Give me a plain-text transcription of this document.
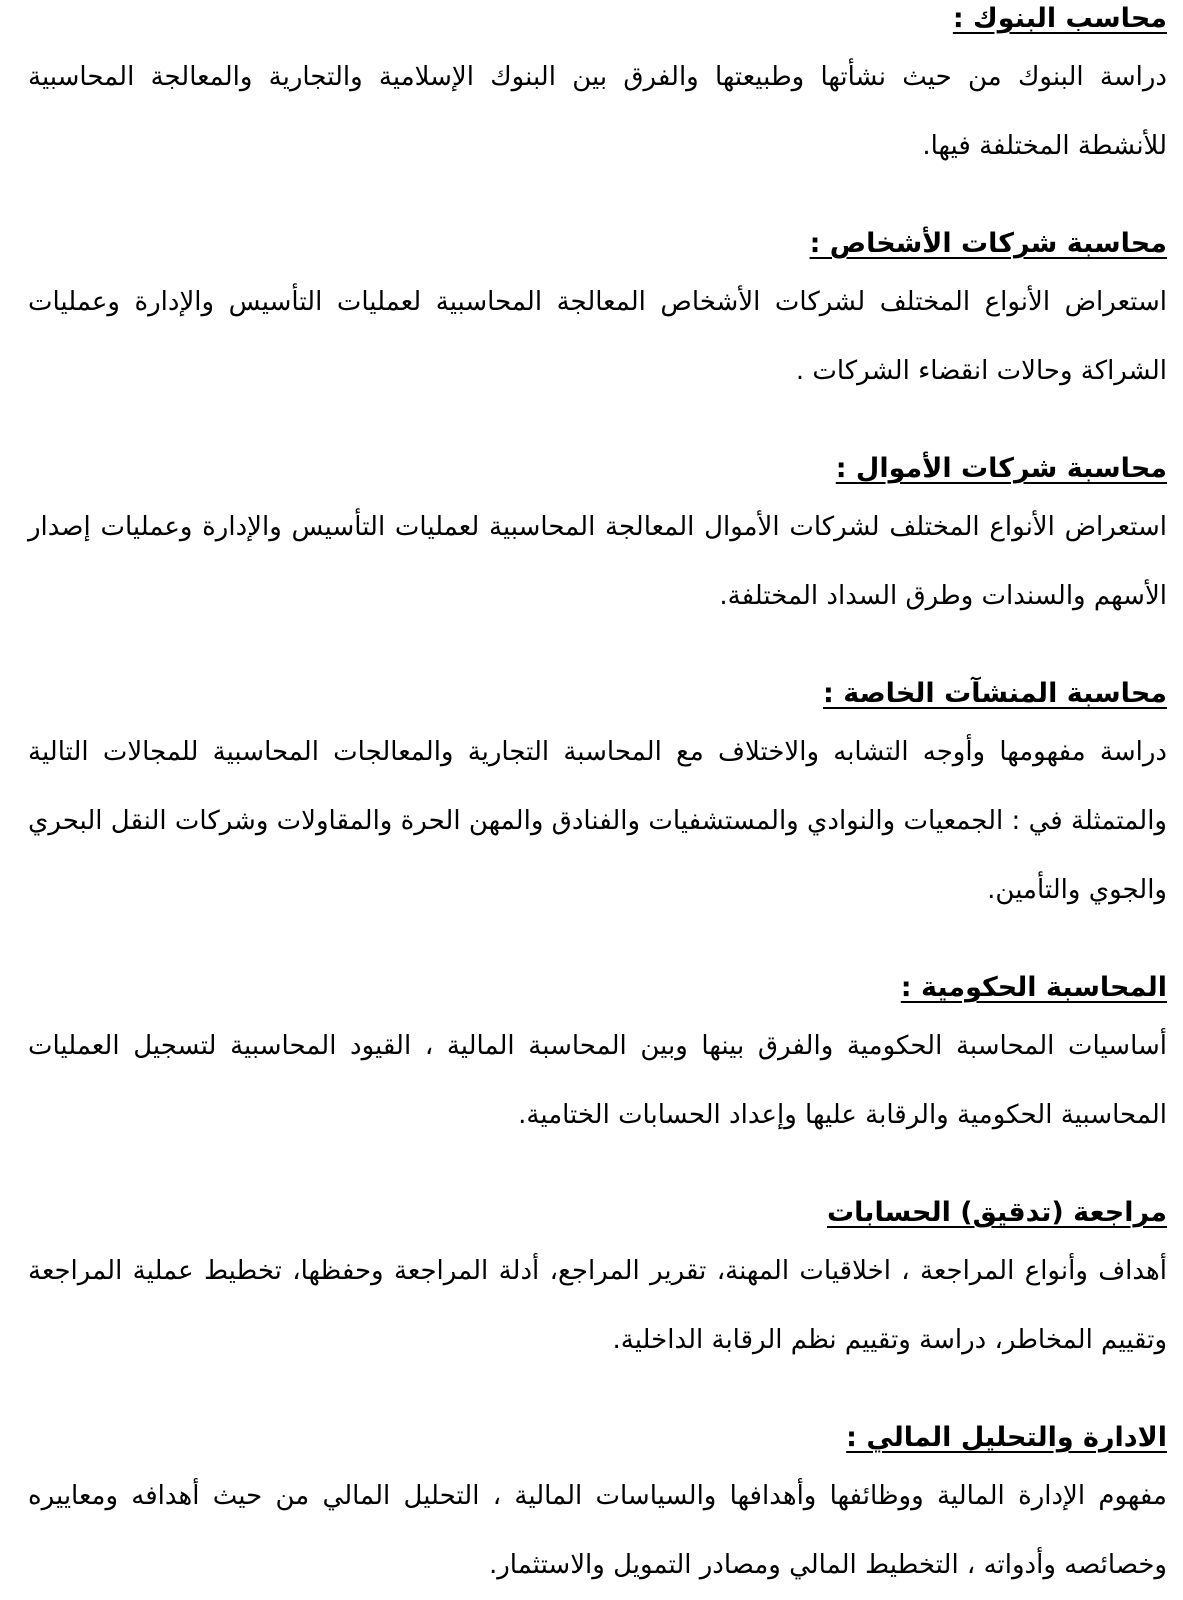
محاسب البنوك :
دراسة البنوك من حيث نشأتها وطبيعتها والفرق بين البنوك الإسلامية والتجارية والمعالجة المحاسبية للأنشطة المختلفة فيها.
محاسبة شركات الأشخاص :
استعراض الأنواع المختلف لشركات الأشخاص المعالجة المحاسبية لعمليات التأسيس والإدارة وعمليات الشراكة وحالات انقضاء الشركات .
محاسبة شركات الأموال :
استعراض الأنواع المختلف لشركات الأموال المعالجة المحاسبية لعمليات التأسيس والإدارة وعمليات إصدار الأسهم والسندات وطرق السداد المختلفة.
محاسبة المنشآت الخاصة :
دراسة مفهومها وأوجه التشابه والاختلاف مع المحاسبة التجارية والمعالجات المحاسبية للمجالات التالية والمتمثلة في : الجمعيات والنوادي والمستشفيات والفنادق والمهن الحرة والمقاولات وشركات النقل البحري والجوي والتأمين.
المحاسبة الحكومية :
أساسيات المحاسبة الحكومية والفرق بينها وبين المحاسبة المالية ، القيود المحاسبية لتسجيل العمليات المحاسبية الحكومية والرقابة عليها وإعداد الحسابات الختامية.
مراجعة (تدقيق) الحسابات
أهداف وأنواع المراجعة ، اخلاقيات المهنة، تقرير المراجع، أدلة المراجعة وحفظها، تخطيط عملية المراجعة وتقييم المخاطر، دراسة وتقييم نظم الرقابة الداخلية.
الادارة والتحليل المالي :
مفهوم الإدارة المالية ووظائفها وأهدافها والسياسات المالية ، التحليل المالي من حيث أهدافه ومعاييره وخصائصه وأدواته ، التخطيط المالي ومصادر التمويل والاستثمار.
